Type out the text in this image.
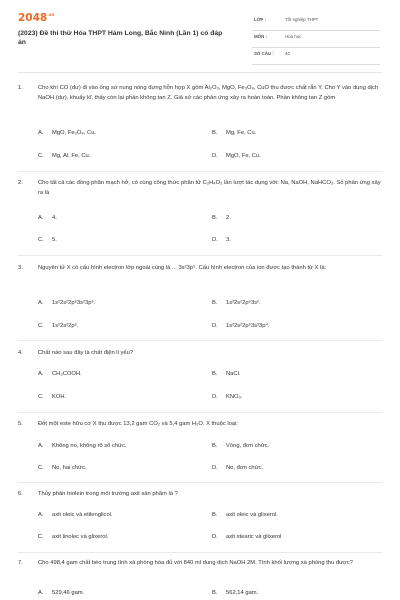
$2048^{.vn}$
(2023) Đề thi thử Hóa THPT Hàm Long, Bắc Ninh (Lần 1) có đáp án
LỚP :	Tốt nghiệp THPT
MÔN :	Hóa học
SỐ CÂU :	40
1.	Cho khí CO (dư) đi vào ống sứ nung nóng đựng hỗn hợp X gồm Al₂O₃, MgO, Fe₃O₄, CuO thu được chất rắn Y. Cho Y vào dung dịch NaOH (dư), khuấy kĩ, thấy còn lại phần không tan Z. Giả sử các phản ứng xảy ra hoàn toàn. Phần không tan Z gồm
A. MgO, Fe₃O₄, Cu.	B. Mg, Fe, Cu.
C. Mg, Al, Fe, Cu.	D. MgO, Fe, Cu.
2.	Cho tất cả các đồng phân mạch hở, có cùng công thức phân tử C₂H₄O₂ lần lượt tác dụng với: Na, NaOH, NaHCO₃. Số phản ứng xảy ra là
A. 4.	B. 2.
C. 5.	D. 3.
3.	Nguyên tử X có cấu hình electron lớp ngoài cùng là ... 3s²3p⁵. Cấu hình electron của ion được tạo thành từ X là:
A. 1s²2s²2p⁶3s²3p⁶.	B. 1s²2s²2p⁶3s².
C. 1s²2s²2p⁶.	D. 1s²2s²2p⁶3s²3p⁴.
4.	Chất nào sau đây là chất điện li yếu?
A. CH₃COOH.	B. NaCl.
C. KOH.	D. KNO₃.
5.	Đốt một este hữu cơ X thu được 13,2 gam CO₂ và 5,4 gam H₂O. X thuộc loại:
A. Không no, không rõ số chức.	B. Vòng, đơn chức.
C. No, hai chức.	D. No, đơn chức.
6.	Thủy phân triolein trong môi trường axit sản phẩm là ?
A. axit oleic và etilenglicol.	B. axit oleic và glixerol.
C. axit linolec và glixerol.	D. axit stearic và glixerol
7.	Cho 498,4 gam chất béo trung tính xà phòng hóa đủ với 840 ml dung dịch NaOH 2M. Tính khối lượng xà phòng thu được?
A. 529,46 gam.	B. 562,14 gam.
